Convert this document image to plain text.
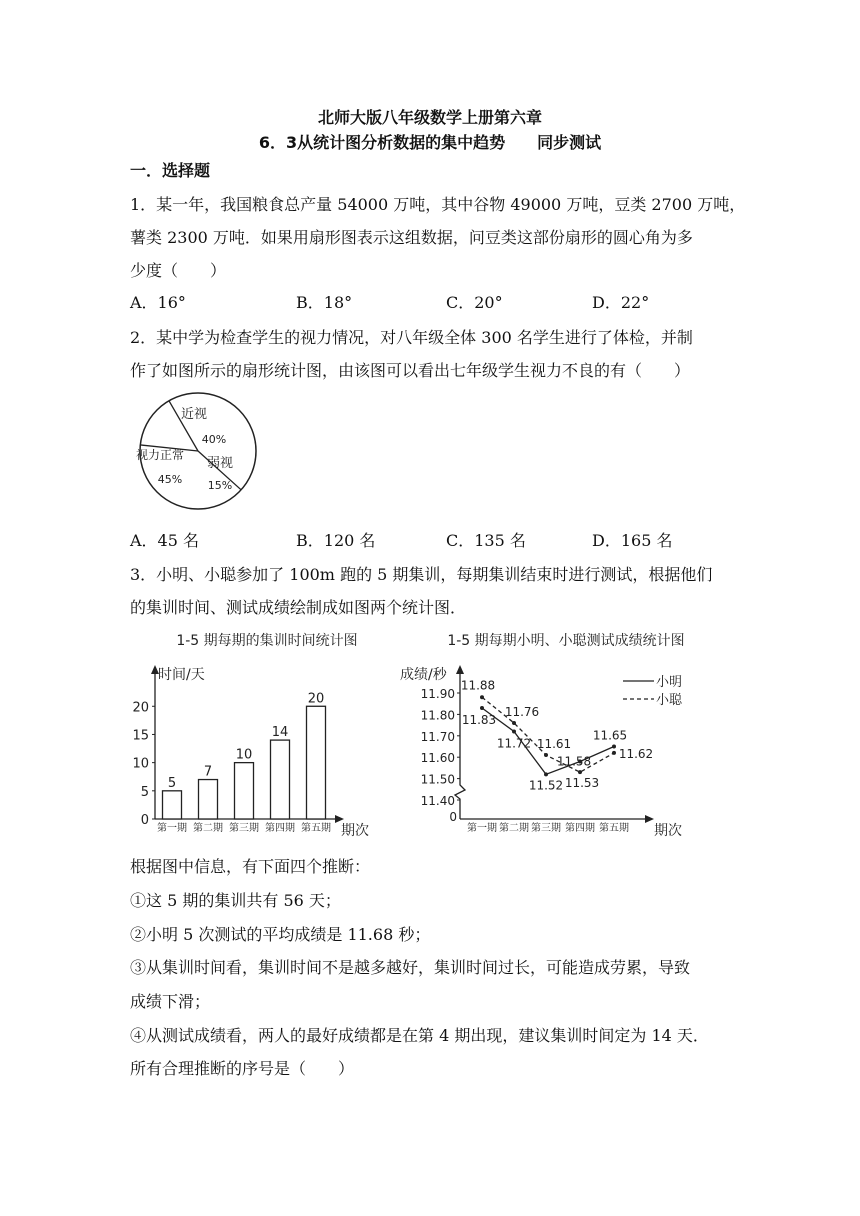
北师大版八年级数学上册第六章
6．3从统计图分析数据的集中趋势　　同步测试
一．选择题
1．某一年，我国粮食总产量 54000 万吨，其中谷物 49000 万吨，豆类 2700 万吨，
薯类 2300 万吨．如果用扇形图表示这组数据，问豆类这部份扇形的圆心角为多
少度（　　）
A．16°	B．18°	C．20°	D．22°
2．某中学为检查学生的视力情况，对八年级全体 300 名学生进行了体检，并制
作了如图所示的扇形统计图，由该图可以看出七年级学生视力不良的有（　　）
近视
40%
弱视
15%
视力正常
45%
A．45 名	B．120 名	C．135 名	D．165 名
3．小明、小聪参加了 100m 跑的 5 期集训，每期集训结束时进行测试，根据他们
的集训时间、测试成绩绘制成如图两个统计图．
1-5 期每期的集训时间统计图
时间/天
期次
0
5
10
15
20
5
第一期
7
第二期
10
第三期
14
第四期
20
第五期
1-5 期每期小明、小聪测试成绩统计图
成绩/秒
期次
0
11.40
11.50
11.60
11.70
11.80
11.90
第一期 第二期 第三期 第四期 第五期
11.83
11.72
11.52
11.58
11.65
11.88
11.76
11.61
11.53
11.62
小明
小聪
根据图中信息，有下面四个推断：
①这 5 期的集训共有 56 天；
②小明 5 次测试的平均成绩是 11.68 秒；
③从集训时间看，集训时间不是越多越好，集训时间过长，可能造成劳累，导致
成绩下滑；
④从测试成绩看，两人的最好成绩都是在第 4 期出现，建议集训时间定为 14 天．
所有合理推断的序号是（　　）
